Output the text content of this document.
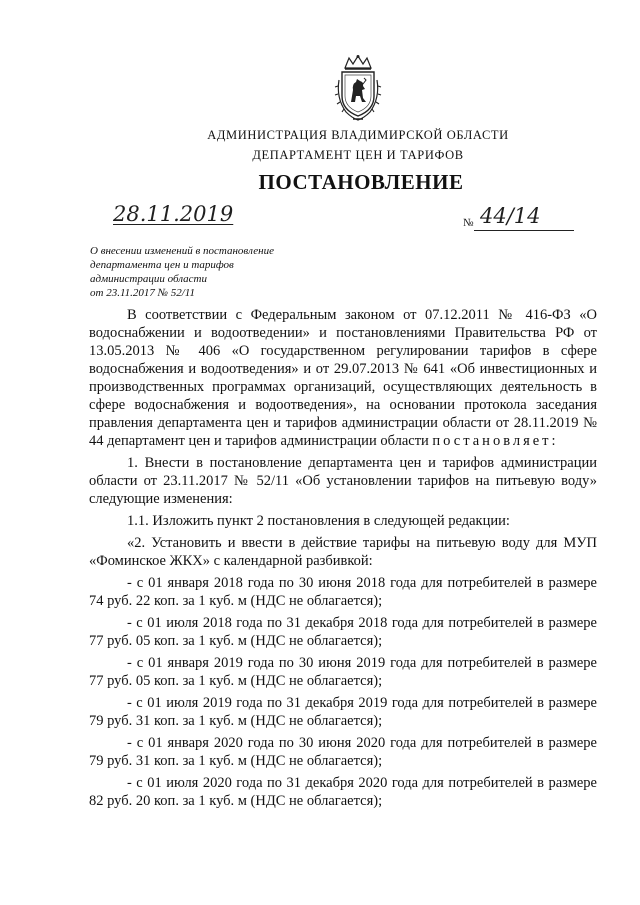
АДМИНИСТРАЦИЯ ВЛАДИМИРСКОЙ ОБЛАСТИ
ДЕПАРТАМЕНТ ЦЕН И ТАРИФОВ
ПОСТАНОВЛЕНИЕ
28.11.2019	№ 44/14
О внесении изменений в постановление
департамента цен и тарифов
администрации области
от 23.11.2017 № 52/11

В соответствии с Федеральным законом от 07.12.2011 № 416-ФЗ «О водоснабжении и водоотведении» и постановлениями Правительства РФ от 13.05.2013 № 406 «О государственном регулировании тарифов в сфере водоснабжения и водоотведения» и от 29.07.2013 № 641 «Об инвестиционных и производственных программах организаций, осуществляющих деятельность в сфере водоснабжения и водоотведения», на основании протокола заседания правления департамента цен и тарифов администрации области от 28.11.2019 № 44 департамент цен и тарифов администрации области постановляет:

1. Внести в постановление департамента цен и тарифов администрации области от 23.11.2017 № 52/11 «Об установлении тарифов на питьевую воду» следующие изменения:

1.1. Изложить пункт 2 постановления в следующей редакции:

«2. Установить и ввести в действие тарифы на питьевую воду для МУП «Фоминское ЖКХ» с календарной разбивкой:

- с 01 января 2018 года по 30 июня 2018 года для потребителей в размере 74 руб. 22 коп. за 1 куб. м (НДС не облагается);

- с 01 июля 2018 года по 31 декабря 2018 года для потребителей в размере 77 руб. 05 коп. за 1 куб. м (НДС не облагается);

- с 01 января 2019 года по 30 июня 2019 года для потребителей в размере 77 руб. 05 коп. за 1 куб. м (НДС не облагается);

- с 01 июля 2019 года по 31 декабря 2019 года для потребителей в размере 79 руб. 31 коп. за 1 куб. м (НДС не облагается);

- с 01 января 2020 года по 30 июня 2020 года для потребителей в размере 79 руб. 31 коп. за 1 куб. м (НДС не облагается);

- с 01 июля 2020 года по 31 декабря 2020 года для потребителей в размере 82 руб. 20 коп. за 1 куб. м (НДС не облагается);
